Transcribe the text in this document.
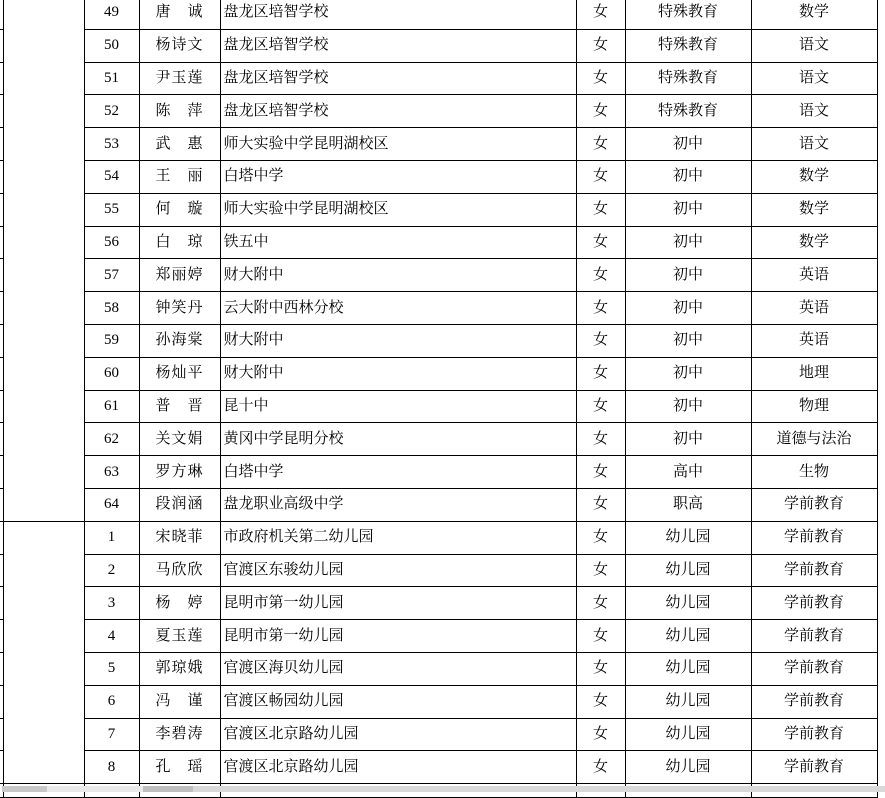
		49	唐　诚	盘龙区培智学校	女	特殊教育	数学
		50	杨诗文	盘龙区培智学校	女	特殊教育	语文
		51	尹玉莲	盘龙区培智学校	女	特殊教育	语文
		52	陈　萍	盘龙区培智学校	女	特殊教育	语文
		53	武　惠	师大实验中学昆明湖校区	女	初中	语文
		54	王　丽	白塔中学	女	初中	数学
		55	何　璇	师大实验中学昆明湖校区	女	初中	数学
		56	白　琼	铁五中	女	初中	数学
		57	郑丽婷	财大附中	女	初中	英语
		58	钟笑丹	云大附中西林分校	女	初中	英语
		59	孙海棠	财大附中	女	初中	英语
		60	杨灿平	财大附中	女	初中	地理
		61	普　晋	昆十中	女	初中	物理
		62	关文娟	黄冈中学昆明分校	女	初中	道德与法治
		63	罗方琳	白塔中学	女	高中	生物
		64	段润涵	盘龙职业高级中学	女	职高	学前教育
		1	宋晓菲	市政府机关第二幼儿园	女	幼儿园	学前教育
		2	马欣欣	官渡区东骏幼儿园	女	幼儿园	学前教育
		3	杨　婷	昆明市第一幼儿园	女	幼儿园	学前教育
		4	夏玉莲	昆明市第一幼儿园	女	幼儿园	学前教育
		5	郭琼娥	官渡区海贝幼儿园	女	幼儿园	学前教育
		6	冯　谨	官渡区畅园幼儿园	女	幼儿园	学前教育
		7	李碧涛	官渡区北京路幼儿园	女	幼儿园	学前教育
		8	孔　瑶	官渡区北京路幼儿园	女	幼儿园	学前教育
